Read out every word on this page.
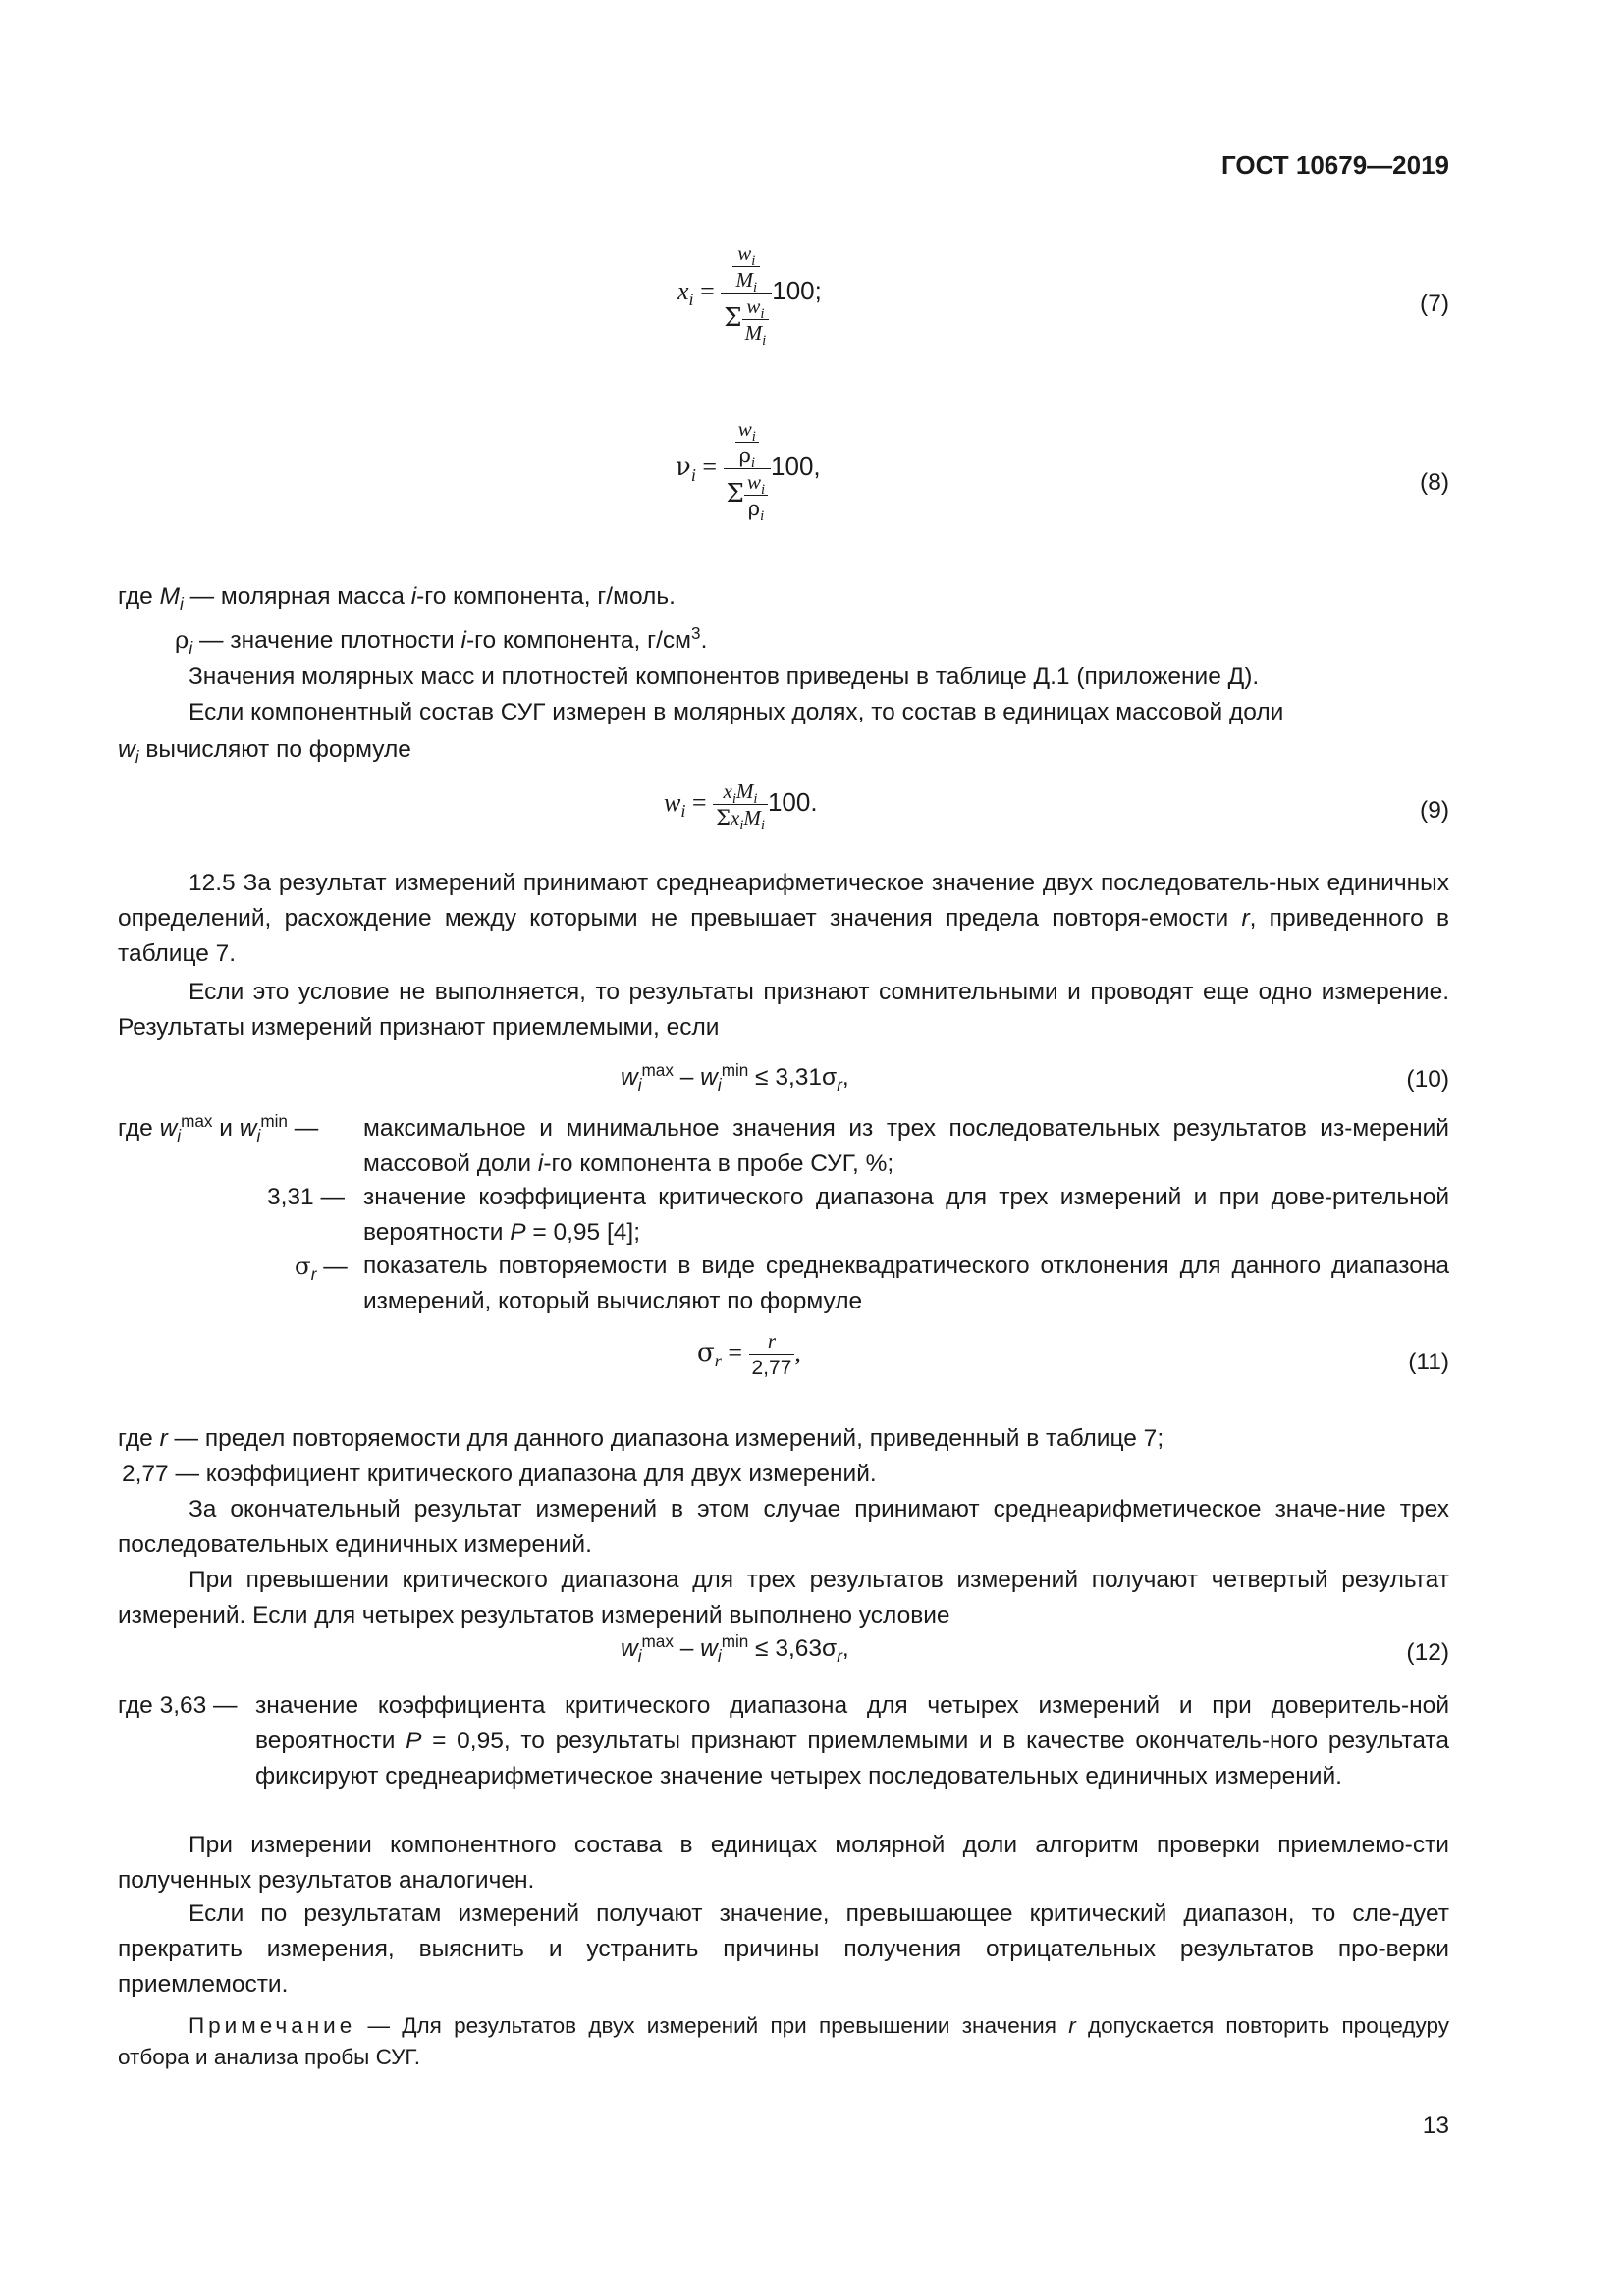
ГОСТ 10679—2019
$x_i = \frac{\frac{w_i}{M_i}}{\Sigma \frac{w_i}{M_i}} 100$;	(7)
$\nu_i = \frac{\frac{w_i}{\rho_i}}{\Sigma \frac{w_i}{\rho_i}} 100$,
(8)
где $M_i$ — молярная масса i-го компонента, г/моль.
$\rho_i$ — значение плотности i-го компонента, $г/см^3$.
Значения молярных масс и плотностей компонентов приведены в таблице Д.1 (приложение Д).
Если компонентный состав СУГ измерен в молярных долях, то состав в единицах массовой доли
$w_i$ вычисляют по формуле
$w_i = \frac{x_iM_i}{\Sigma x_iM_i} 100$.	(9)
12.5 За результат измерений принимают среднеарифметическое значение двух последователь-ных единичных определений, расхождение между которыми не превышает значения предела повторя-емости r, приведенного в таблице 7.
Если это условие не выполняется, то результаты признают сомнительными и проводят еще одно измерение. Результаты измерений признают приемлемыми, если
$w_i^{max} - w_i^{min} \le 3,31\sigma_r$,	(10)
где $w_i^{max}$ и $w_i^{min}$ — максимальное и минимальное значения из трех последовательных результатов из-мерений массовой доли i-го компонента в пробе СУГ, %;
3,31 — значение коэффициента критического диапазона для трех измерений и при дове-рительной вероятности P = 0,95 [4];
$\sigma_r$ — показатель повторяемости в виде среднеквадратического отклонения для данного диапазона измерений, который вычисляют по формуле
$\sigma_r = \frac{r}{2,77}$ ,	(11)
где r — предел повторяемости для данного диапазона измерений, приведенный в таблице 7;
2,77 — коэффициент критического диапазона для двух измерений.
За окончательный результат измерений в этом случае принимают среднеарифметическое значе-ние трех последовательных единичных измерений.
При превышении критического диапазона для трех результатов измерений получают четвертый результат измерений. Если для четырех результатов измерений выполнено условие
$w_i^{max} - w_i^{min} \le 3,63\sigma_r$,	(12)
где 3,63 — значение коэффициента критического диапазона для четырех измерений и при доверитель-ной вероятности P = 0,95, то результаты признают приемлемыми и в качестве окончатель-ного результата фиксируют среднеарифметическое значение четырех последовательных единичных измерений.
При измерении компонентного состава в единицах молярной доли алгоритм проверки приемлемо-сти полученных результатов аналогичен.
Если по результатам измерений получают значение, превышающее критический диапазон, то сле-дует прекратить измерения, выяснить и устранить причины получения отрицательных результатов про-верки приемлемости.
Примечание — Для результатов двух измерений при превышении значения r допускается повторить процедуру отбора и анализа пробы СУГ.
13
